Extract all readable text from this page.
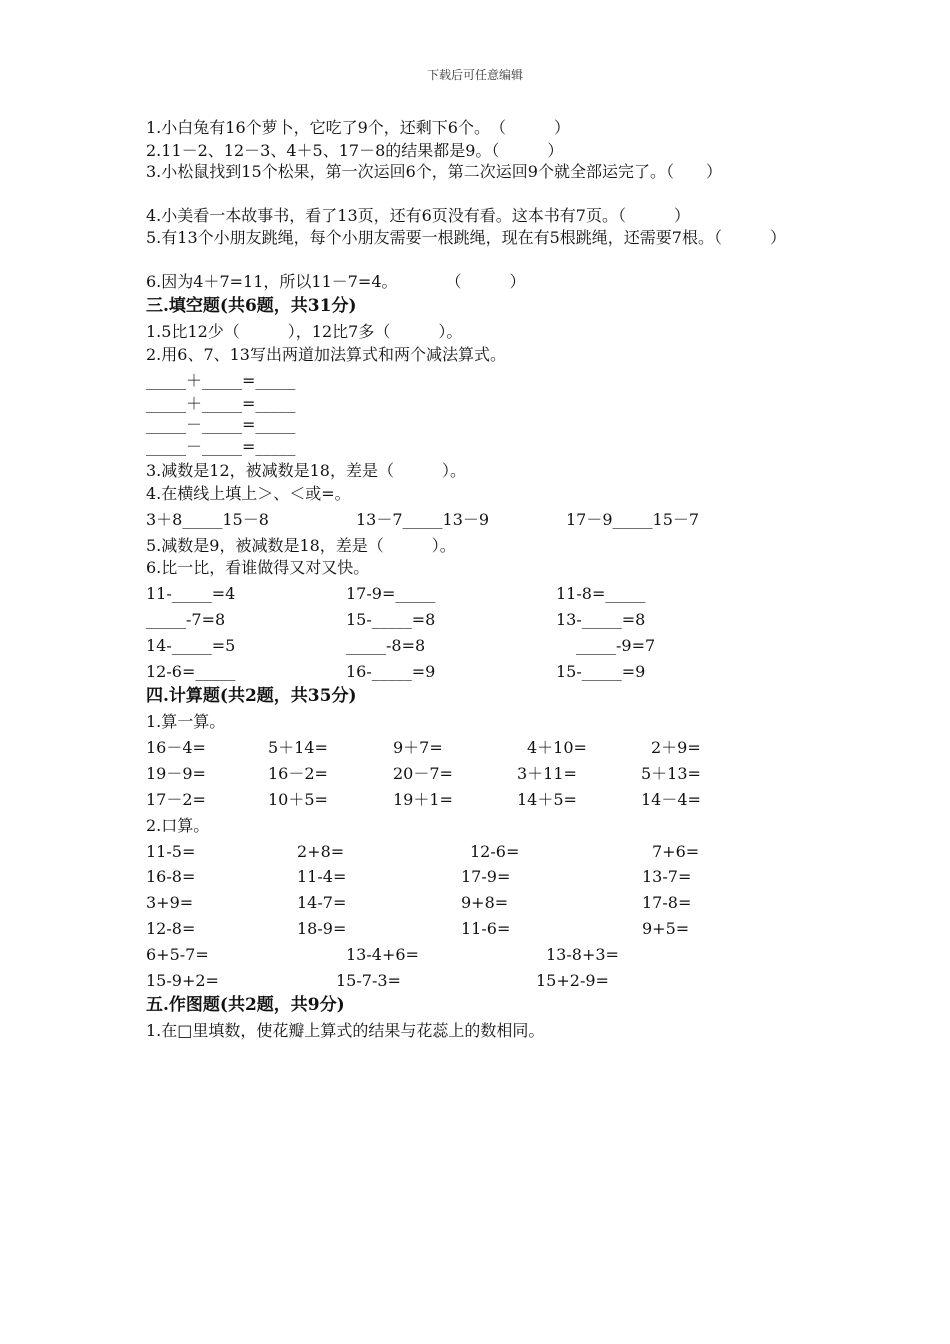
下载后可任意编辑
1.小白兔有16个萝卜，它吃了9个，还剩下6个。　（　　　）
2.11－2、12－3、4＋5、17－8的结果都是9。（　　　）
3.小松鼠找到15个松果，第一次运回6个，第二次运回9个就全部运完了。（　　）
4.小美看一本故事书，看了13页，还有6页没有看。这本书有7页。（　　　）
5.有13个小朋友跳绳，每个小朋友需要一根跳绳，现在有5根跳绳，还需要7根。（　　　）
6.因为4＋7=11，所以11－7=4。　　　　（　　　）
三.填空题(共6题，共31分)
1.5比12少（　　　），12比7多（　　　）。
2.用6、7、13写出两道加法算式和两个减法算式。
_____＋_____=_____
_____＋_____=_____
_____－_____=_____
_____－_____=_____
3.减数是12，被减数是18，差是（　　　）。
4.在横线上填上＞、＜或=。
3＋8_____15－8	13－7_____13－9	17－9_____15－7
5.减数是9，被减数是18，差是（　　　）。
6.比一比，看谁做得又对又快。
11-_____=4	17-9=_____	11-8=_____
_____-7=8	15-_____=8	13-_____=8
14-_____=5	_____-8=8	_____-9=7
12-6=_____	16-_____=9	15-_____=9
四.计算题(共2题，共35分)
1.算一算。
16－4=	5＋14=	9＋7=	4＋10=	2＋9=
19－9=	16－2=	20－7=	3＋11=	5＋13=
17－2=	10＋5=	19＋1=	14＋5=	14－4=
2.口算。
11-5=	2+8=	12-6=	7+6=
16-8=	11-4=	17-9=	13-7=
3+9=	14-7=	9+8=	17-8=
12-8=	18-9=	11-6=	9+5=
6+5-7=	13-4+6=	13-8+3=
15-9+2=	15-7-3=	15+2-9=
五.作图题(共2题，共9分)
1.在□里填数，使花瓣上算式的结果与花蕊上的数相同。
